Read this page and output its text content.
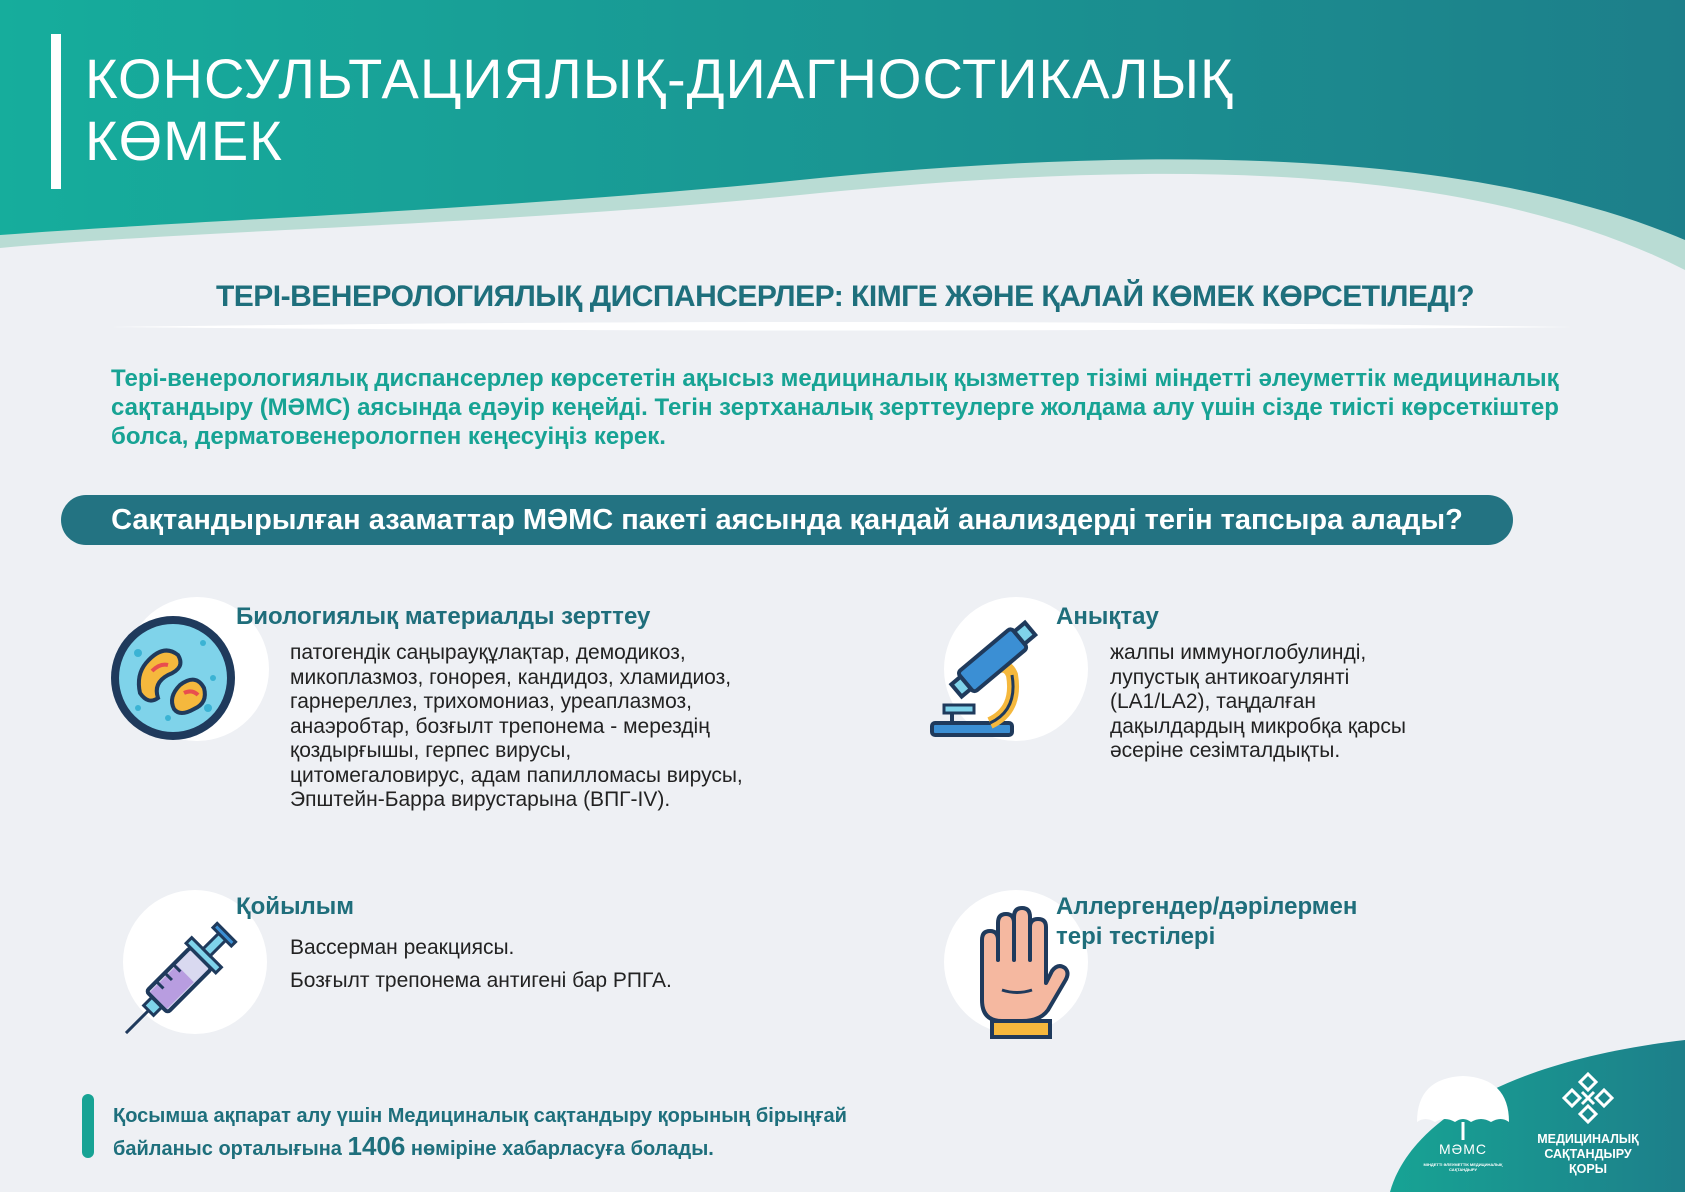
КОНСУЛЬТАЦИЯЛЫҚ-ДИАГНОСТИКАЛЫҚ
КӨМЕК
ТЕРІ-ВЕНЕРОЛОГИЯЛЫҚ ДИСПАНСЕРЛЕР: КІМГЕ ЖӘНЕ ҚАЛАЙ КӨМЕК КӨРСЕТІЛЕДІ?

Тері-венерологиялық диспансерлер көрсететін ақысыз медициналық қызметтер тізімі міндетті әлеуметтік медициналық сақтандыру (МӘМС) аясында едәуір кеңейді. Тегін зертханалық зерттеулерге жолдама алу үшін сізде тиісті көрсеткіштер болса, дерматовенерологпен кеңесуіңіз керек.

Сақтандырылған азаматтар МӘМС пакеті аясында қандай анализдерді тегін тапсыра алады?
Биологиялық материалды зерттеу

патогендік саңырауқұлақтар, демодикоз,
микоплазмоз, гонорея, кандидоз, хламидиоз,
гарнереллез, трихомониаз, уреаплазмоз,
анаэробтар, бозғылт трепонема - мерездің
қоздырғышы, герпес вирусы,
цитомегаловирус, адам папилломасы вирусы,
Эпштейн-Барра вирустарына (ВПГ-IV).

Анықтау

жалпы иммуноглобулинді,
лупустық антикоагулянті
(LA1/LA2), таңдалған
дақылдардың микробқа қарсы
әсеріне сезімталдықты.

Қойылым

Вассерман реакциясы.
Бозғылт трепонема антигені бар РПГА.

Аллергендер/дәрілермен
тері тестілері

Қосымша ақпарат алу үшін Медициналық сақтандыру қорының бірыңғай
байланыс орталығына 1406 нөміріне хабарласуға болады.	МӘМС

МІНДЕТТІ ӘЛЕУМЕТТІК МЕДИЦИНАЛЫҚ САҚТАНДЫРУ

МЕДИЦИНАЛЫҚ
САҚТАНДЫРУ
ҚОРЫ
